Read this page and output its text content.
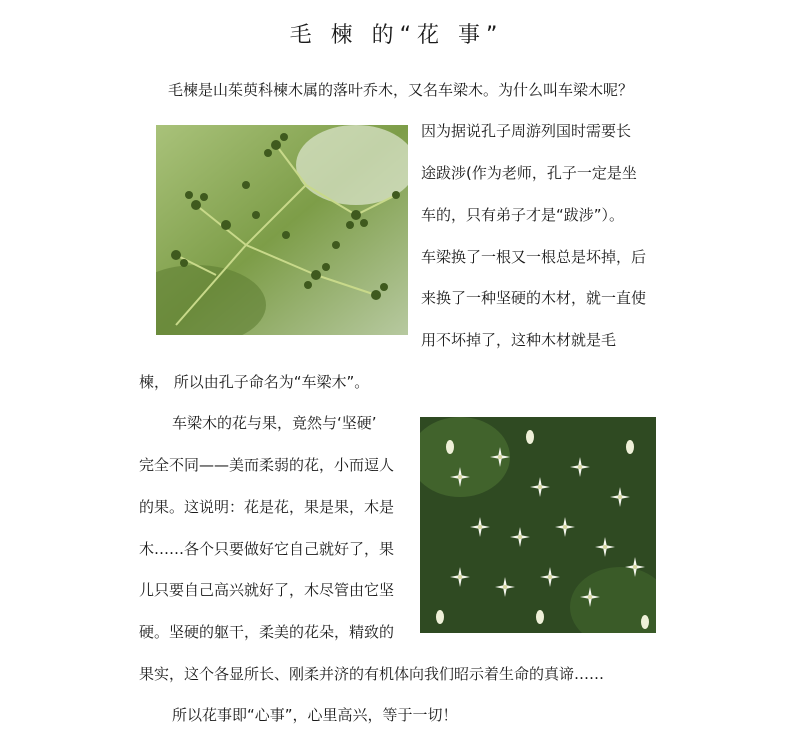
毛 楝 的“花 事”
毛楝是山茱萸科楝木属的落叶乔木，又名车梁木。为什么叫车梁木呢？
因为据说孔子周游列国时需要长
途跋涉(作为老师，孔子一定是坐
车的，只有弟子才是“跋涉”）。
车梁换了一根又一根总是坏掉，后
来换了一种坚硬的木材，就一直使
用不坏掉了，这种木材就是毛
楝， 所以由孔子命名为“车梁木”。
车梁木的花与果，竟然与‘坚硬’
完全不同——美而柔弱的花，小而逗人
的果。这说明：花是花，果是果，木是
木……各个只要做好它自己就好了，果
儿只要自己高兴就好了，木尽管由它坚
硬。坚硬的躯干，柔美的花朵，精致的
果实，这个各显所长、刚柔并济的有机体向我们昭示着生命的真谛……
所以花事即“心事”，心里高兴，等于一切！
